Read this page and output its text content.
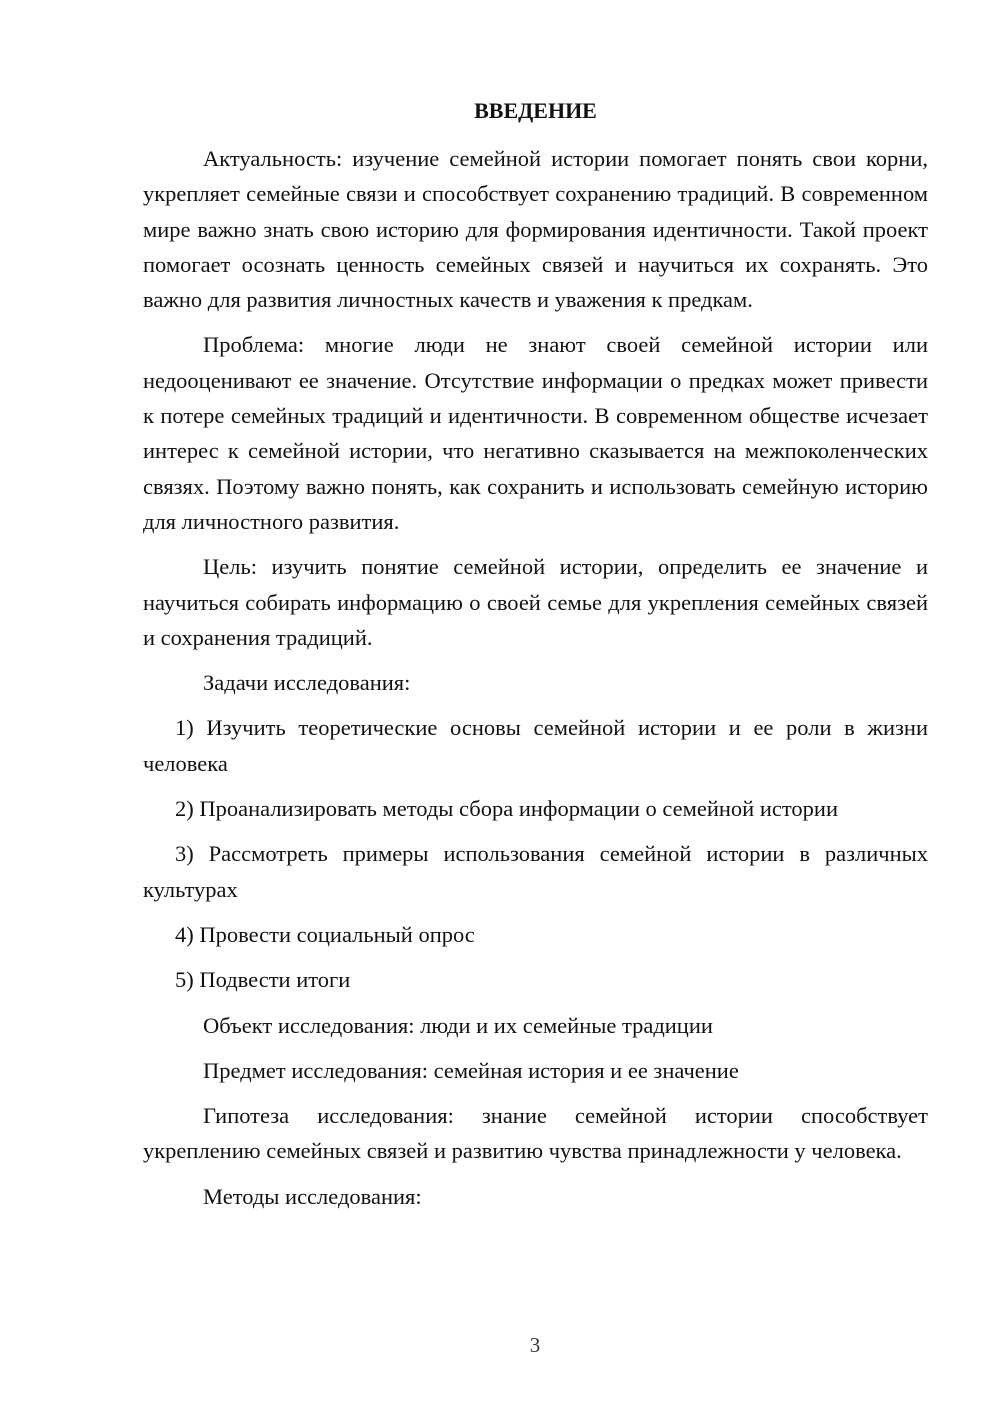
ВВЕДЕНИЕ

Актуальность: изучение семейной истории помогает понять свои корни, укрепляет семейные связи и способствует сохранению традиций. В современном мире важно знать свою историю для формирования идентичности. Такой проект помогает осознать ценность семейных связей и научиться их сохранять. Это важно для развития личностных качеств и уважения к предкам.

Проблема: многие люди не знают своей семейной истории или недооценивают ее значение. Отсутствие информации о предках может привести к потере семейных традиций и идентичности. В современном обществе исчезает интерес к семейной истории, что негативно сказывается на межпоколенческих связях. Поэтому важно понять, как сохранить и использовать семейную историю для личностного развития.

Цель: изучить понятие семейной истории, определить ее значение и научиться собирать информацию о своей семье для укрепления семейных связей и сохранения традиций.

Задачи исследования:

1) Изучить теоретические основы семейной истории и ее роли в жизни человека

2) Проанализировать методы сбора информации о семейной истории

3) Рассмотреть примеры использования семейной истории в различных культурах

4) Провести социальный опрос

5) Подвести итоги

Объект исследования: люди и их семейные традиции

Предмет исследования: семейная история и ее значение

Гипотеза исследования: знание семейной истории способствует укреплению семейных связей и развитию чувства принадлежности у человека.

Методы исследования:

3
